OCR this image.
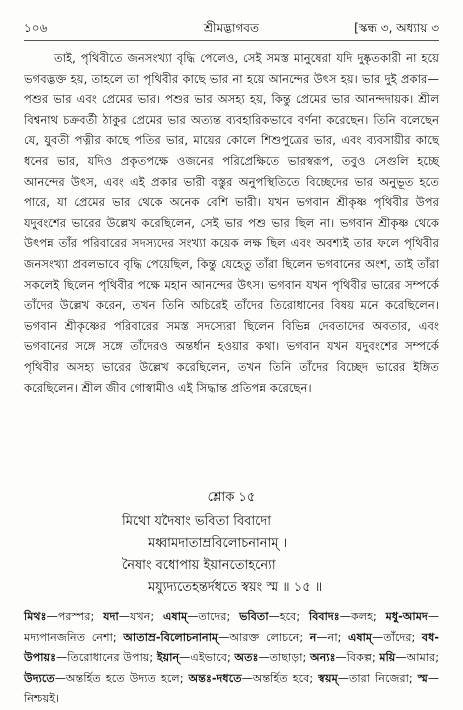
১০৬	শ্রীমদ্ভাগবত	[স্কন্ধ ৩, অধ্যায় ৩

তাই, পৃথিবীতে জনসংখ্যা বৃদ্ধি পেলেও, সেই সমস্ত মানুষেরা যদি দুষ্কৃতকারী না হয়ে ভগবদ্ভক্ত হয়, তাহলে তা পৃথিবীর কাছে ভার না হয়ে আনন্দের উৎস হয়। ভার দুই প্রকার—পশুর ভার এবং প্রেমের ভার। পশুর ভার অসহ্য হয়, কিন্তু প্রেমের ভার আনন্দদায়ক। শ্রীল বিশ্বনাথ চক্রবর্তী ঠাকুর প্রেমের ভার অত্যন্ত ব্যবহারিকভাবে বর্ণনা করেছেন। তিনি বলেছেন যে, যুবতী পত্নীর কাছে পতির ভার, মায়ের কোলে শিশুপুত্রের ভার, এবং ব্যবসায়ীর কাছে ধনের ভার, যদিও প্রকৃতপক্ষে ওজনের পরিপ্রেক্ষিতে ভারস্বরূপ, তবুও সেগুলি হচ্ছে আনন্দের উৎস, এবং এই প্রকার ভারী বস্তুর অনুপস্থিতিতে বিচ্ছেদের ভার অনুভূত হতে পারে, যা প্রেমের ভার থেকে অনেক বেশি ভারী। যখন ভগবান শ্রীকৃষ্ণ পৃথিবীর উপর যদুবংশের ভারের উল্লেখ করেছিলেন, সেই ভার পশু ভার ছিল না। ভগবান শ্রীকৃষ্ণ থেকে উৎপন্ন তাঁর পরিবারের সদস্যদের সংখ্যা কয়েক লক্ষ ছিল এবং অবশ্যই তার ফলে পৃথিবীর জনসংখ্যা প্রবলভাবে বৃদ্ধি পেয়েছিল, কিন্তু যেহেতু তাঁরা ছিলেন ভগবানের অংশ, তাই তাঁরা সকলেই ছিলেন পৃথিবীর পক্ষে মহান আনন্দের উৎস। ভগবান যখন পৃথিবীর ভারের সম্পর্কে তাঁদের উল্লেখ করেন, তখন তিনি অচিরেই তাঁদের তিরোধানের বিষয় মনে করেছিলেন। ভগবান শ্রীকৃষ্ণের পরিবারের সমস্ত সদস্যেরা ছিলেন বিভিন্ন দেবতাদের অবতার, এবং ভগবানের সঙ্গে সঙ্গে তাঁদেরও অন্তর্ধান হওয়ার কথা। ভগবান যখন যদুবংশের সম্পর্কে পৃথিবীর অসহ্য ভারের উল্লেখ করেছিলেন, তখন তিনি তাঁদের বিচ্ছেদ ভারের ইঙ্গিত করেছিলেন। শ্রীল জীব গোস্বামীও এই সিদ্ধান্ত প্রতিপন্ন করেছেন।

শ্লোক ১৫
মিথো যদৈষাং ভবিতা বিবাদো
মধ্বামদাতাম্রবিলোচনানাম্ ।
নৈষাং বধোপায় ইয়ানতোহন্যো
ময্যুদ্যতেহন্তর্দধতে স্বয়ং স্ম ॥ ১৫ ॥
মিথঃ—পরস্পর; যদা—যখন; এষাম্—তাদের; ভবিতা—হবে; বিবাদঃ—কলহ; মধু-আমদ—মদ্যপানজনিত নেশা; আতাম্র-বিলোচনানাম্—আরক্ত লোচনে; ন—না; এষাম্—তাঁদের; বধ-উপায়ঃ—তিরোধানের উপায়; ইয়ান্—এইভাবে; অতঃ—তাছাড়া; অন্যঃ—বিকল্প; ময়ি—আমার; উদ্যতে—অন্তর্হিত হতে উদ্যত হলে; অন্তঃ-দধতে—অন্তর্হিত হবে; স্বয়ম্—তারা নিজেরা; স্ম—নিশ্চয়ই।
